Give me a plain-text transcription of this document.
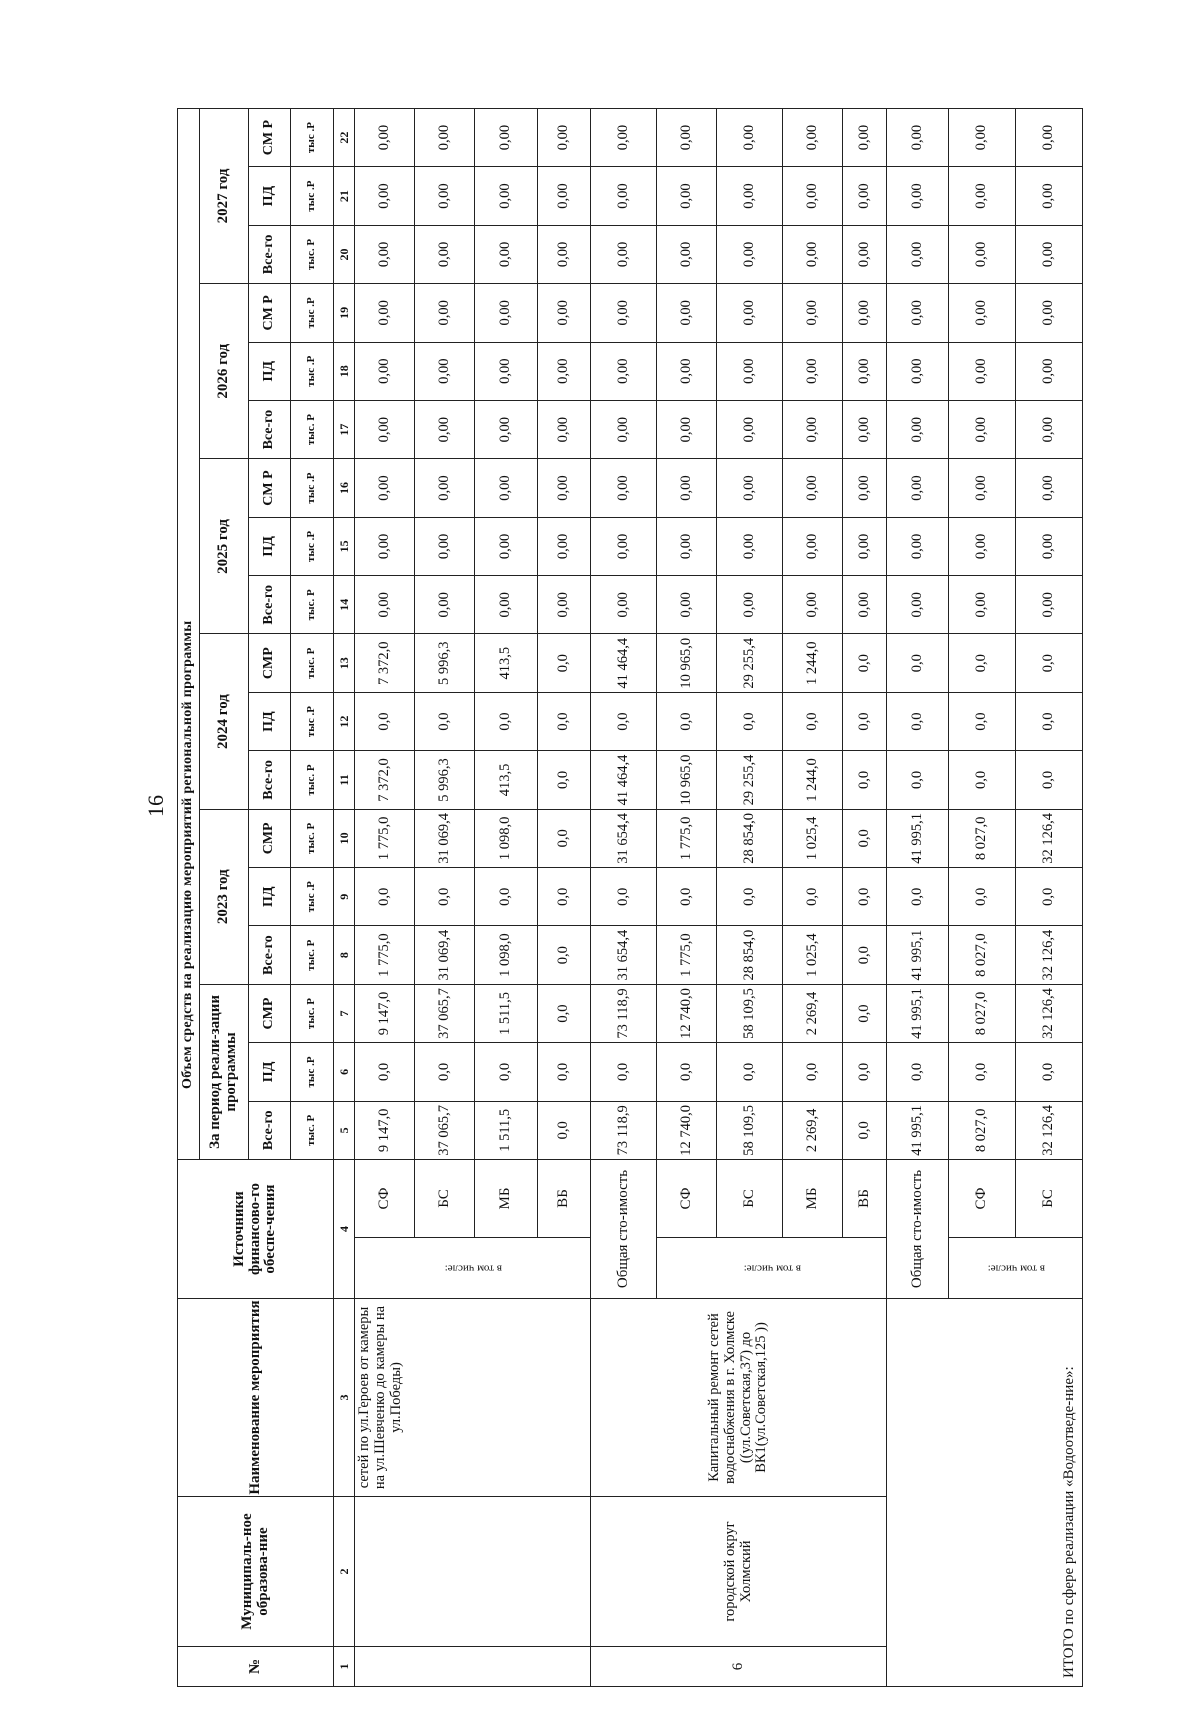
16
№	Муниципаль-ное образова-ние	Наименование мероприятия	Источники финансово-го обеспе-чения		Объем средств на реализацию мероприятий региональной программы																	
					За период реали-зации программы			2023 год			2024 год			2025 год			2026 год			2027 год		
					Все-го	ПД	СМР	Все-го	ПД	СМР	Все-го	ПД	СМР	Все-го	ПД	СМ Р	Все-го	ПД	СМ Р	Все-го	ПД	СМ Р
					тыс. Р	тыс .Р	тыс. Р	тыс. Р	тыс .Р	тыс. Р	тыс. Р	тыс .Р	тыс. Р	тыс. Р	тыс .Р	тыс .Р	тыс. Р	тыс .Р	тыс .Р	тыс. Р	тыс .Р	тыс .Р
1	2	3	4		5	6	7	8	9	10	11	12	13	14	15	16	17	18	19	20	21	22
		сетей по ул.Героев от камеры на ул.Шевченко до камеры на ул.Победы)	в том числе:	СФ	9 147,0	0,0	9 147,0	1 775,0	0,0	1 775,0	7 372,0	0,0	7 372,0	0,00	0,00	0,00	0,00	0,00	0,00	0,00	0,00	0,00
				БС	37 065,7	0,0	37 065,7	31 069,4	0,0	31 069,4	5 996,3	0,0	5 996,3	0,00	0,00	0,00	0,00	0,00	0,00	0,00	0,00	0,00
				МБ	1 511,5	0,0	1 511,5	1 098,0	0,0	1 098,0	413,5	0,0	413,5	0,00	0,00	0,00	0,00	0,00	0,00	0,00	0,00	0,00
				ВБ	0,0	0,0	0,0	0,0	0,0	0,0	0,0	0,0	0,0	0,00	0,00	0,00	0,00	0,00	0,00	0,00	0,00	0,00
6	городской округ Холмский	Капитальный ремонт сетей водоснабжения в г. Холмске ((ул.Советская,37) до ВК1(ул.Советская,125 ))	Общая сто-имость		73 118,9	0,0	73 118,9	31 654,4	0,0	31 654,4	41 464,4	0,0	41 464,4	0,00	0,00	0,00	0,00	0,00	0,00	0,00	0,00	0,00
			в том числе:	СФ	12 740,0	0,0	12 740,0	1 775,0	0,0	1 775,0	10 965,0	0,0	10 965,0	0,00	0,00	0,00	0,00	0,00	0,00	0,00	0,00	0,00
				БС	58 109,5	0,0	58 109,5	28 854,0	0,0	28 854,0	29 255,4	0,0	29 255,4	0,00	0,00	0,00	0,00	0,00	0,00	0,00	0,00	0,00
				МБ	2 269,4	0,0	2 269,4	1 025,4	0,0	1 025,4	1 244,0	0,0	1 244,0	0,00	0,00	0,00	0,00	0,00	0,00	0,00	0,00	0,00
				ВБ	0,0	0,0	0,0	0,0	0,0	0,0	0,0	0,0	0,0	0,00	0,00	0,00	0,00	0,00	0,00	0,00	0,00	0,00
ИТОГО по сфере реализации «Водоотведе-ние»:			Общая сто-имость		41 995,1	0,0	41 995,1	41 995,1	0,0	41 995,1	0,0	0,0	0,0	0,00	0,00	0,00	0,00	0,00	0,00	0,00	0,00	0,00
			в том числе:	СФ	8 027,0	0,0	8 027,0	8 027,0	0,0	8 027,0	0,0	0,0	0,0	0,00	0,00	0,00	0,00	0,00	0,00	0,00	0,00	0,00
				БС	32 126,4	0,0	32 126,4	32 126,4	0,0	32 126,4	0,0	0,0	0,0	0,00	0,00	0,00	0,00	0,00	0,00	0,00	0,00	0,00
